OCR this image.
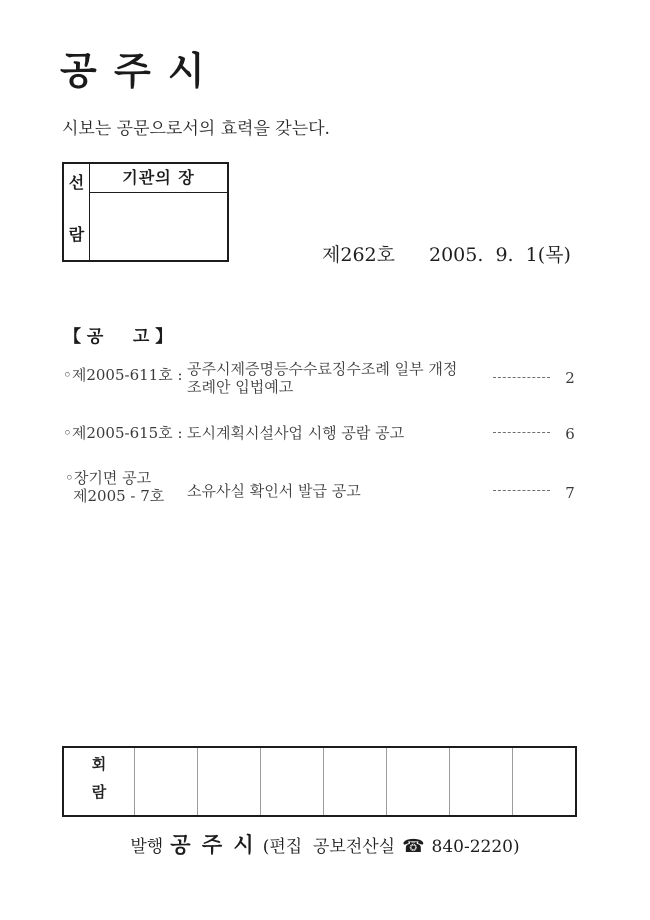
공 주 시

시보는 공문으로서의 효력을 갖는다.

선
람
기관의 장
제262호 2005.  9.  1(목)
【 공     고 】
◦제2005-611호 : 공주시제증명등수수료징수조례 일부 개정
조례안 입법예고	2
◦제2005-615호 : 도시계획시설사업 시행 공람 공고	6
◦장기면 공고
제2005 - 7호 소유사실 확인서 발급 공고	7
회
람
발행 공 주 시 (편집  공보전산실 ☎ 840-2220)
